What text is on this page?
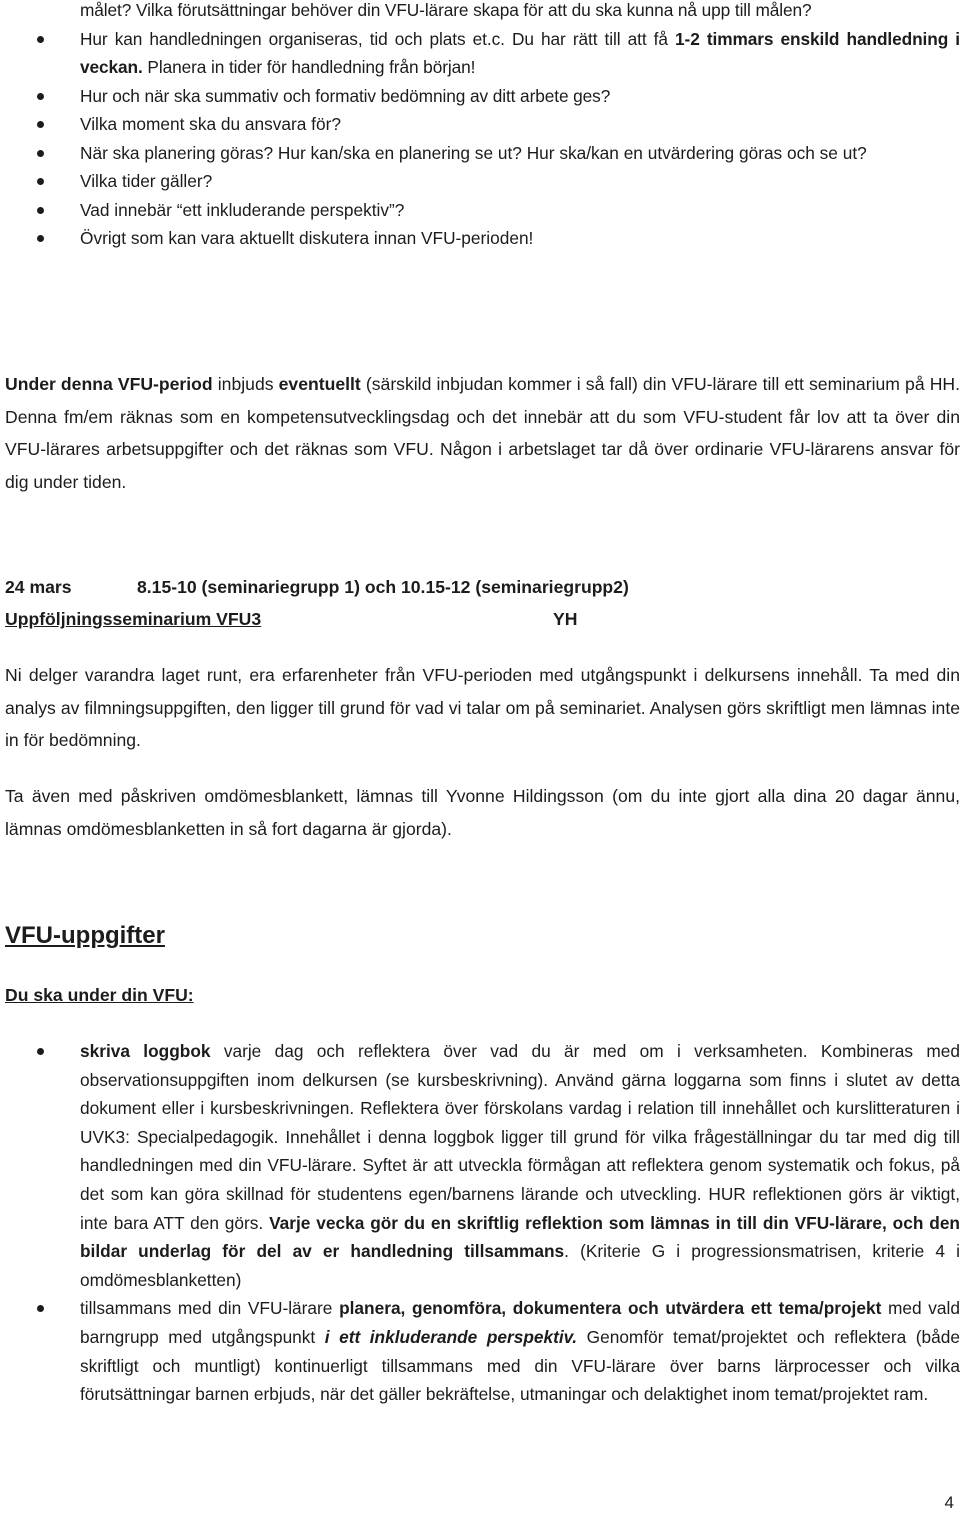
målet? Vilka förutsättningar behöver din VFU-lärare skapa för att du ska kunna nå upp till målen?
Hur kan handledningen organiseras, tid och plats et.c. Du har rätt till att få 1-2 timmars enskild handledning i veckan. Planera in tider för handledning från början!
Hur och när ska summativ och formativ bedömning av ditt arbete ges?
Vilka moment ska du ansvara för?
När ska planering göras? Hur kan/ska en planering se ut? Hur ska/kan en utvärdering göras och se ut?
Vilka tider gäller?
Vad innebär “ett inkluderande perspektiv”?
Övrigt som kan vara aktuellt diskutera innan VFU-perioden!
Under denna VFU-period inbjuds eventuellt (särskild inbjudan kommer i så fall) din VFU-lärare till ett seminarium på HH. Denna fm/em räknas som en kompetensutvecklingsdag och det innebär att du som VFU-student får lov att ta över din VFU-lärares arbetsuppgifter och det räknas som VFU. Någon i arbetslaget tar då över ordinarie VFU-lärarens ansvar för dig under tiden.
24 mars	8.15-10 (seminariegrupp 1) och 10.15-12 (seminariegrupp2)
Uppföljningsseminarium VFU3	YH
Ni delger varandra laget runt, era erfarenheter från VFU-perioden med utgångspunkt i delkursens innehåll. Ta med din analys av filmningsuppgiften, den ligger till grund för vad vi talar om på seminariet. Analysen görs skriftligt men lämnas inte in för bedömning.
Ta även med påskriven omdömesblankett, lämnas till Yvonne Hildingsson (om du inte gjort alla dina 20 dagar ännu, lämnas omdömesblanketten in så fort dagarna är gjorda).
VFU-uppgifter
Du ska under din VFU:
skriva loggbok varje dag och reflektera över vad du är med om i verksamheten. Kombineras med observationsuppgiften inom delkursen (se kursbeskrivning). Använd gärna loggarna som finns i slutet av detta dokument eller i kursbeskrivningen. Reflektera över förskolans vardag i relation till innehållet och kurslitteraturen i UVK3: Specialpedagogik. Innehållet i denna loggbok ligger till grund för vilka frågeställningar du tar med dig till handledningen med din VFU-lärare. Syftet är att utveckla förmågan att reflektera genom systematik och fokus, på det som kan göra skillnad för studentens egen/barnens lärande och utveckling. HUR reflektionen görs är viktigt, inte bara ATT den görs. Varje vecka gör du en skriftlig reflektion som lämnas in till din VFU-lärare, och den bildar underlag för del av er handledning tillsammans. (Kriterie G i progressionsmatrisen, kriterie 4 i omdömesblanketten)
tillsammans med din VFU-lärare planera, genomföra, dokumentera och utvärdera ett tema/projekt med vald barngrupp med utgångspunkt i ett inkluderande perspektiv. Genomför temat/projektet och reflektera (både skriftligt och muntligt) kontinuerligt tillsammans med din VFU-lärare över barns lärprocesser och vilka förutsättningar barnen erbjuds, när det gäller bekräftelse, utmaningar och delaktighet inom temat/projektet ram.
4
